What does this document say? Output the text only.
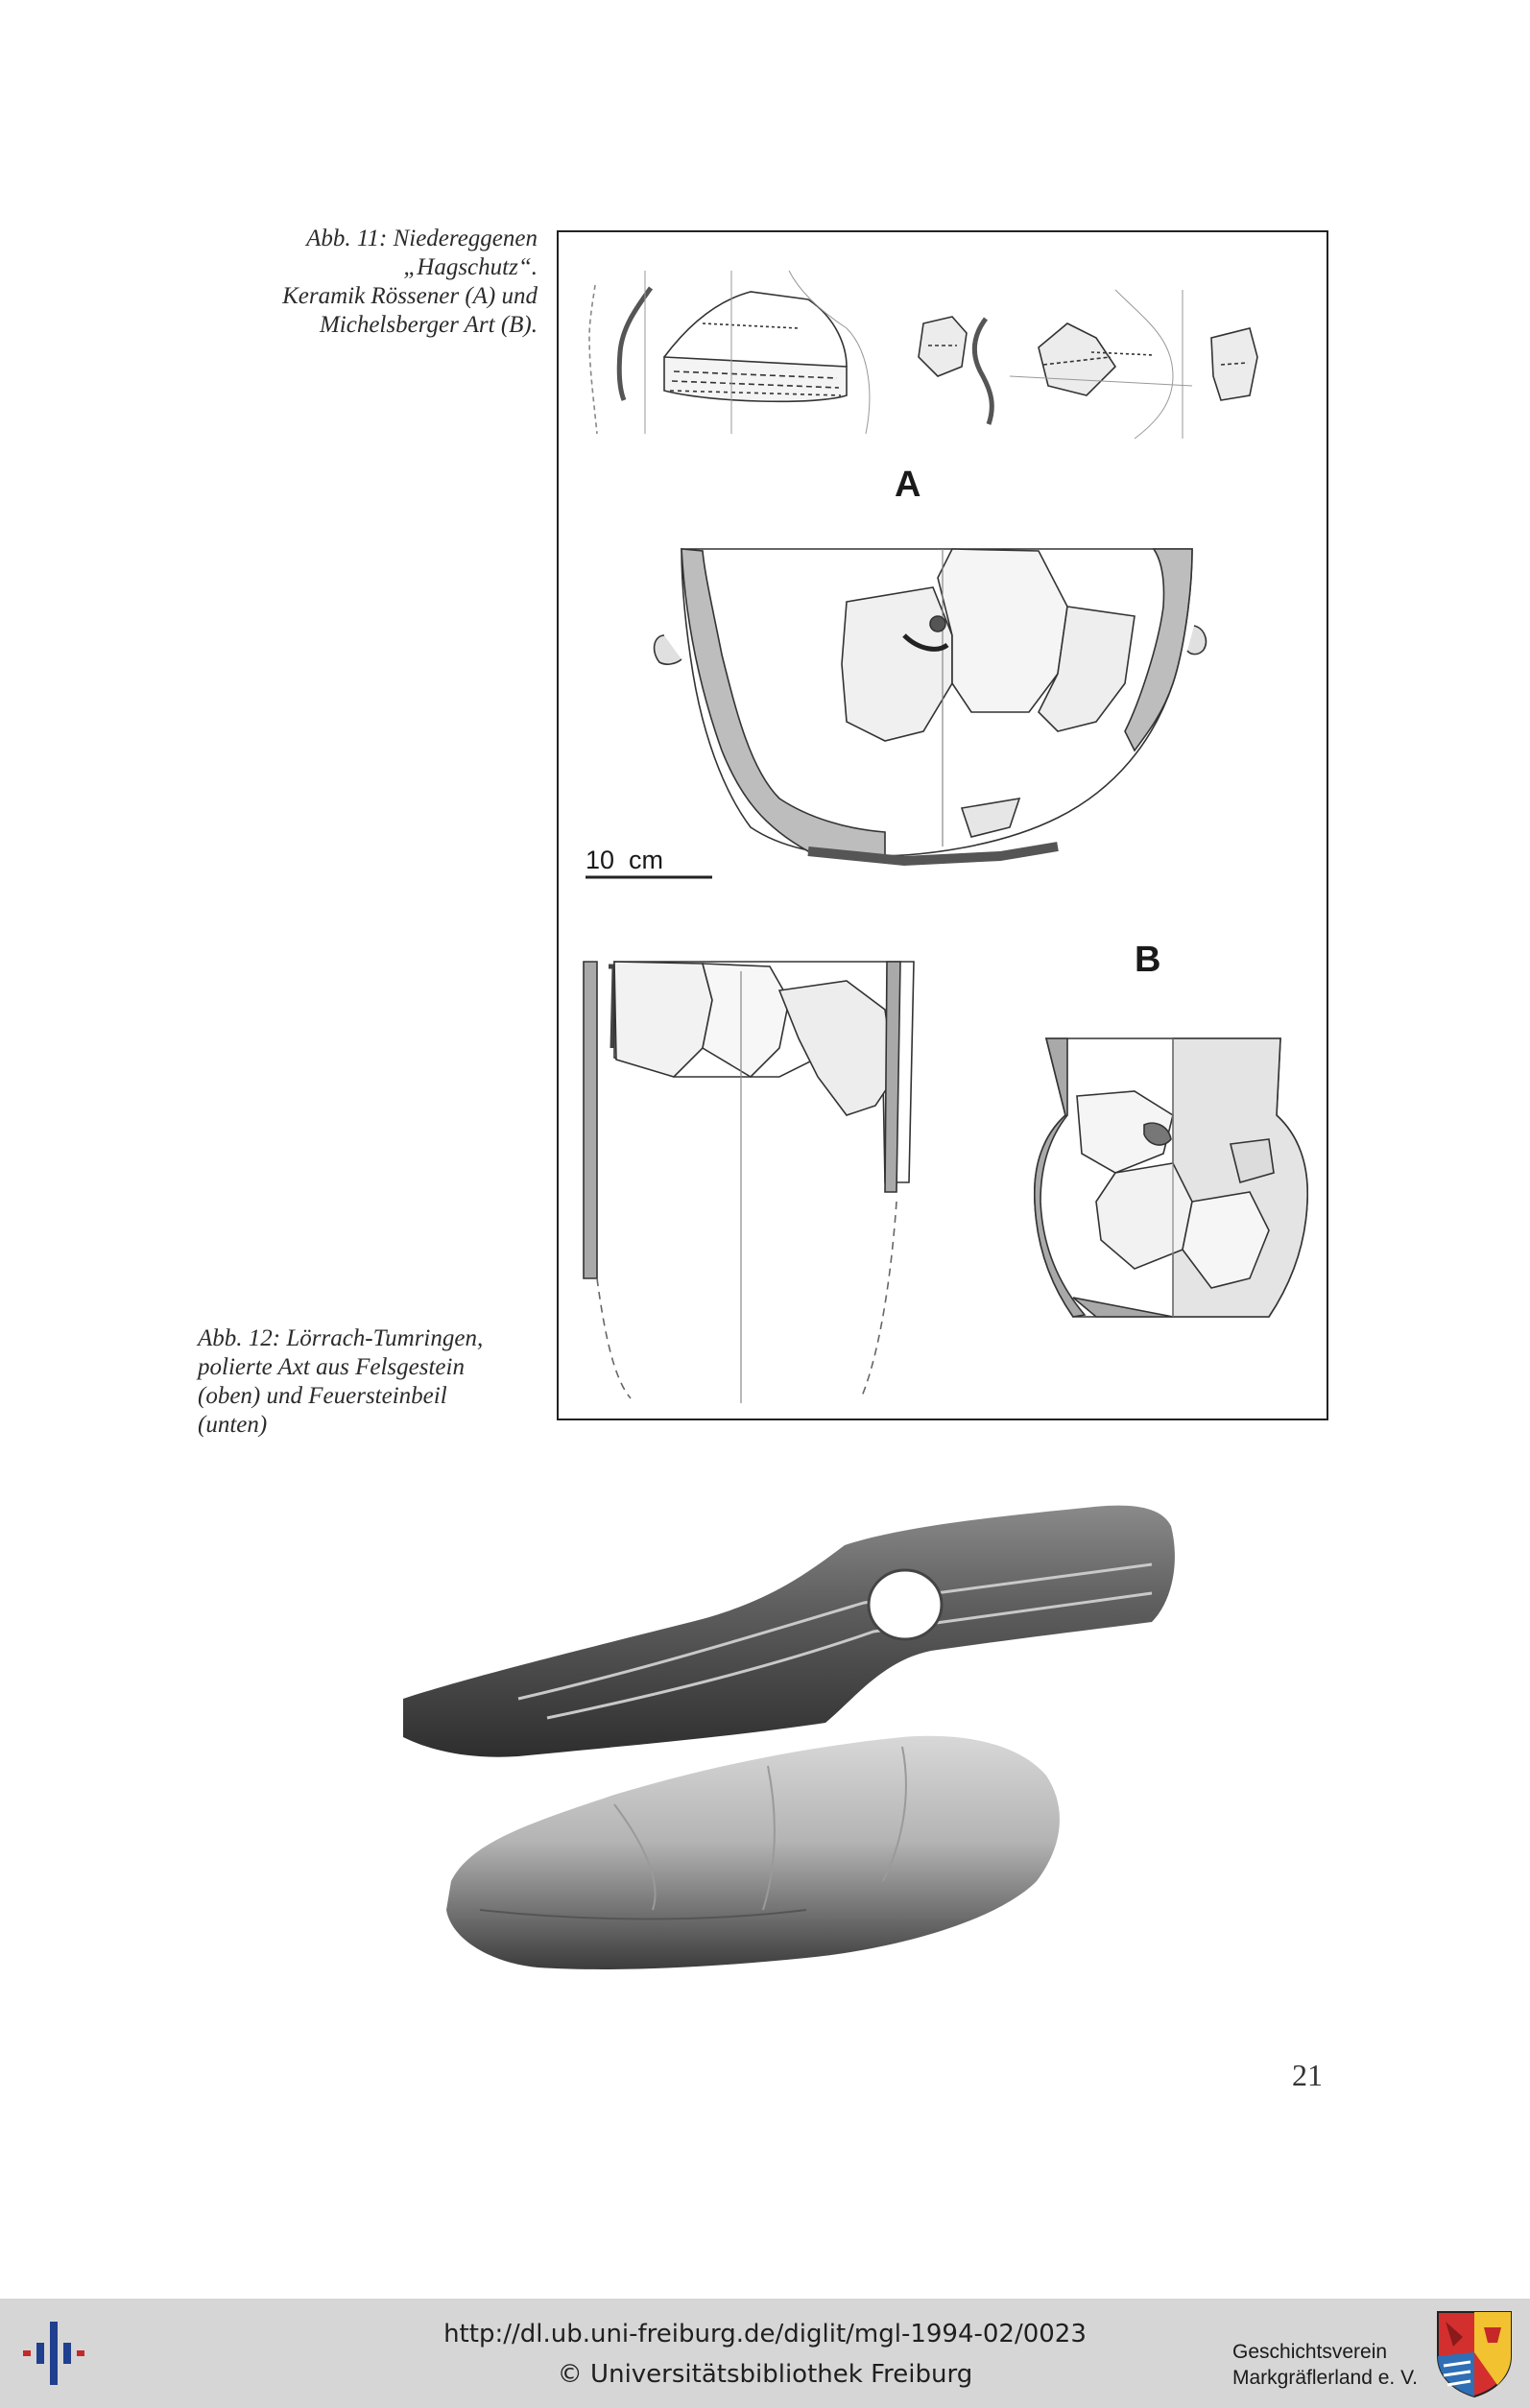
Abb. 11: Niedereggenen

„Hagschutz“.

Keramik Rössener (A) und

Michelsberger Art (B).

A
B
10  cm

Abb. 12: Lörrach-Tumringen,

polierte Axt aus Felsgestein

(oben) und Feuersteinbeil

(unten)

21
http://dl.ub.uni-freiburg.de/diglit/mgl-1994-02/0023
© Universitätsbibliothek Freiburg

Geschichtsverein

Markgräflerland e. V.
